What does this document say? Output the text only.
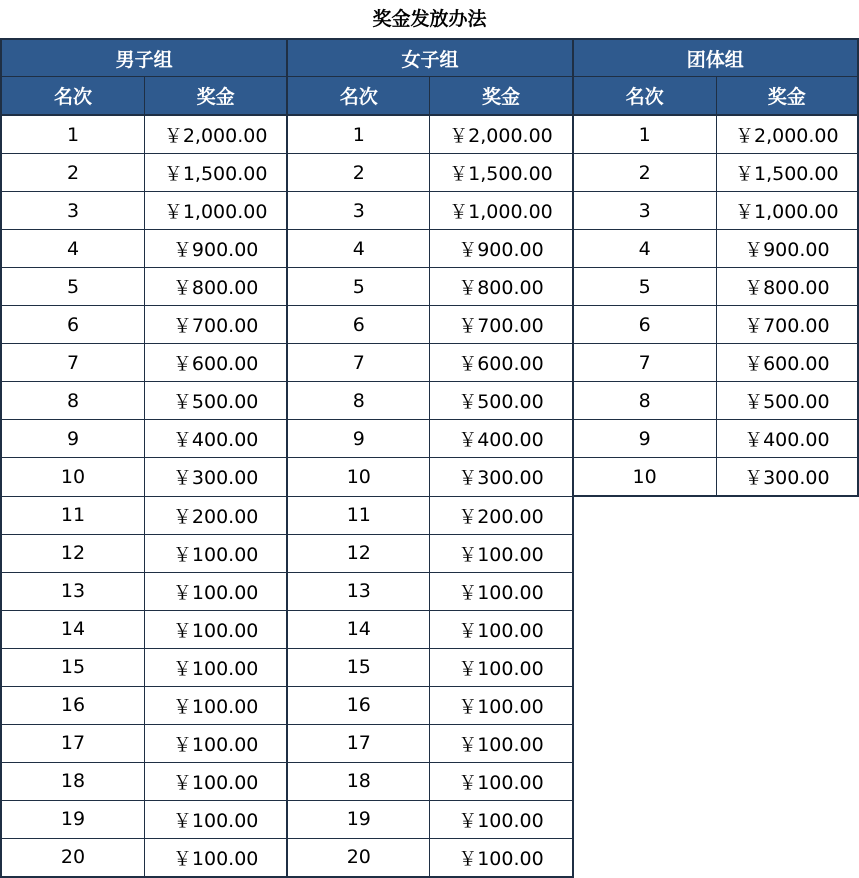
奖金发放办法
男子组		女子组		团体组	
名次	奖金	名次	奖金	名次	奖金
1	￥2,000.00	1	￥2,000.00	1	￥2,000.00
2	￥1,500.00	2	￥1,500.00	2	￥1,500.00
3	￥1,000.00	3	￥1,000.00	3	￥1,000.00
4	￥900.00	4	￥900.00	4	￥900.00
5	￥800.00	5	￥800.00	5	￥800.00
6	￥700.00	6	￥700.00	6	￥700.00
7	￥600.00	7	￥600.00	7	￥600.00
8	￥500.00	8	￥500.00	8	￥500.00
9	￥400.00	9	￥400.00	9	￥400.00
10	￥300.00	10	￥300.00	10	￥300.00
11	￥200.00	11	￥200.00		
12	￥100.00	12	￥100.00		
13	￥100.00	13	￥100.00		
14	￥100.00	14	￥100.00		
15	￥100.00	15	￥100.00		
16	￥100.00	16	￥100.00		
17	￥100.00	17	￥100.00		
18	￥100.00	18	￥100.00		
19	￥100.00	19	￥100.00		
20	￥100.00	20	￥100.00		
